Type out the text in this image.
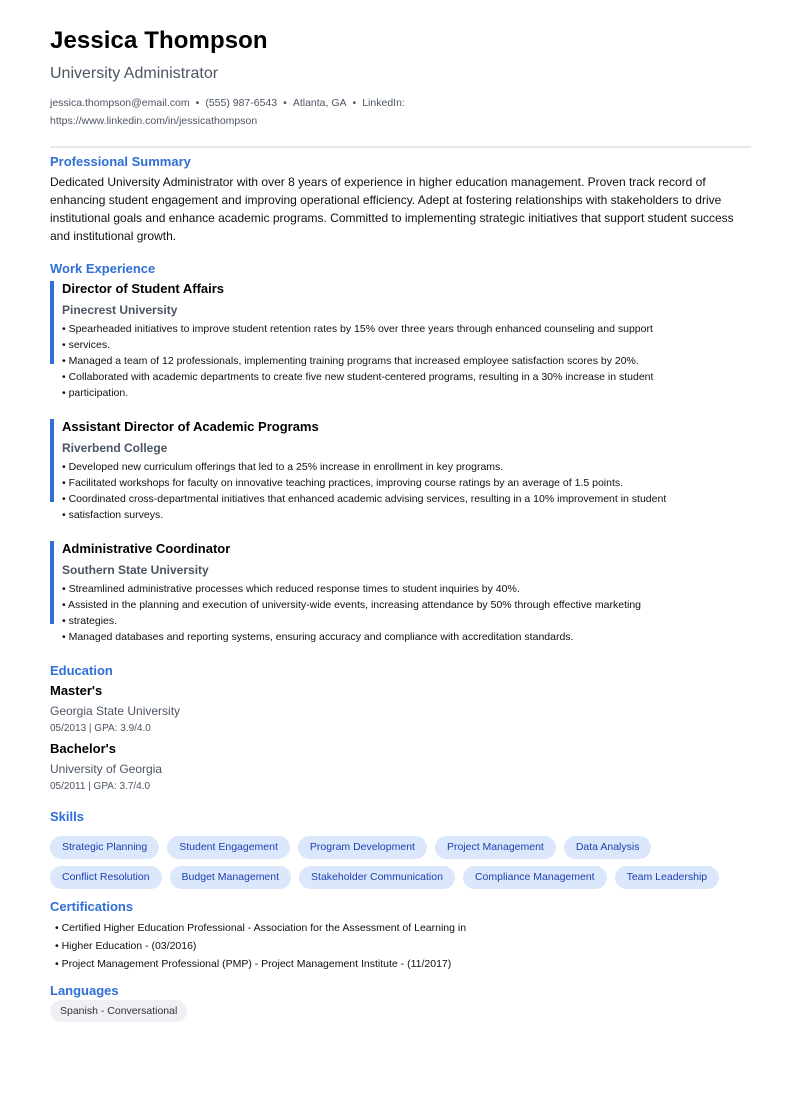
Jessica Thompson
University Administrator
jessica.thompson@email.com • (555) 987-6543 • Atlanta, GA • LinkedIn:
https://www.linkedin.com/in/jessicathompson
Professional Summary
Dedicated University Administrator with over 8 years of experience in higher education management. Proven track record of enhancing student engagement and improving operational efficiency. Adept at fostering relationships with stakeholders to drive institutional goals and enhance academic programs. Committed to implementing strategic initiatives that support student success and institutional growth.
Work Experience
Director of Student Affairs
Pinecrest University
• Spearheaded initiatives to improve student retention rates by 15% over three years through enhanced counseling and support
• services.
• Managed a team of 12 professionals, implementing training programs that increased employee satisfaction scores by 20%.
• Collaborated with academic departments to create five new student-centered programs, resulting in a 30% increase in student
• participation.
Assistant Director of Academic Programs
Riverbend College
• Developed new curriculum offerings that led to a 25% increase in enrollment in key programs.
• Facilitated workshops for faculty on innovative teaching practices, improving course ratings by an average of 1.5 points.
• Coordinated cross-departmental initiatives that enhanced academic advising services, resulting in a 10% improvement in student
• satisfaction surveys.
Administrative Coordinator
Southern State University
• Streamlined administrative processes which reduced response times to student inquiries by 40%.
• Assisted in the planning and execution of university-wide events, increasing attendance by 50% through effective marketing
• strategies.
• Managed databases and reporting systems, ensuring accuracy and compliance with accreditation standards.
Education
Master's
Georgia State University
05/2013 | GPA: 3.9/4.0
Bachelor's
University of Georgia
05/2011 | GPA: 3.7/4.0
Skills
Strategic Planning	Student Engagement	Program Development	Project Management	Data Analysis
Conflict Resolution	Budget Management	Stakeholder Communication	Compliance Management	Team Leadership
Certifications
• Certified Higher Education Professional - Association for the Assessment of Learning in
• Higher Education - (03/2016)
• Project Management Professional (PMP) - Project Management Institute - (11/2017)
Languages
Spanish - Conversational
